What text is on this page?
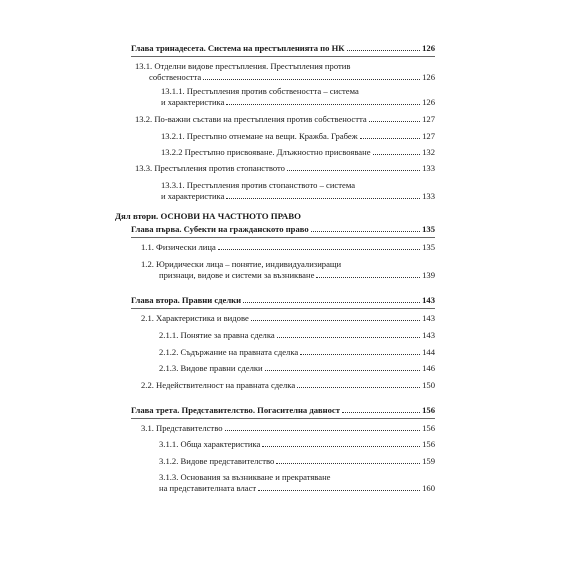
Глава тринадесета. Система на престъпленията по НК	126
13.1. Отделни видове престъпления. Престъпления против
собствеността	126
13.1.1. Престъпления против собствеността – система
и характеристика	126
13.2. По-важни състави на престъпления против собствеността	127
13.2.1. Престъпно отнемане на вещи. Кражба. Грабеж	127
13.2.2 Престъпно присвояване. Длъжностно присвояване	132
13.3. Престъпления против стопанството	133
13.3.1. Престъпления против стопанството – система
и характеристика	133
Дял втори. ОСНОВИ НА ЧАСТНОТО ПРАВО
Глава първа. Субекти на гражданското право	135
1.1. Физически лица	135
1.2. Юридически лица – понятие, индивидуализиращи
признаци, видове и системи за възникване	139
Глава втора. Правни сделки	143
2.1. Характеристика и видове	143
2.1.1. Понятие за правна сделка	143
2.1.2. Съдържание на правната сделка	144
2.1.3. Видове правни сделки	146
2.2. Недействителност на правната сделка	150
Глава трета. Представителство. Погасителна давност	156
3.1. Представителство	156
3.1.1. Обща характеристика	156
3.1.2. Видове представителство	159
3.1.3. Основания за възникване и прекратяване
на представителната власт	160
